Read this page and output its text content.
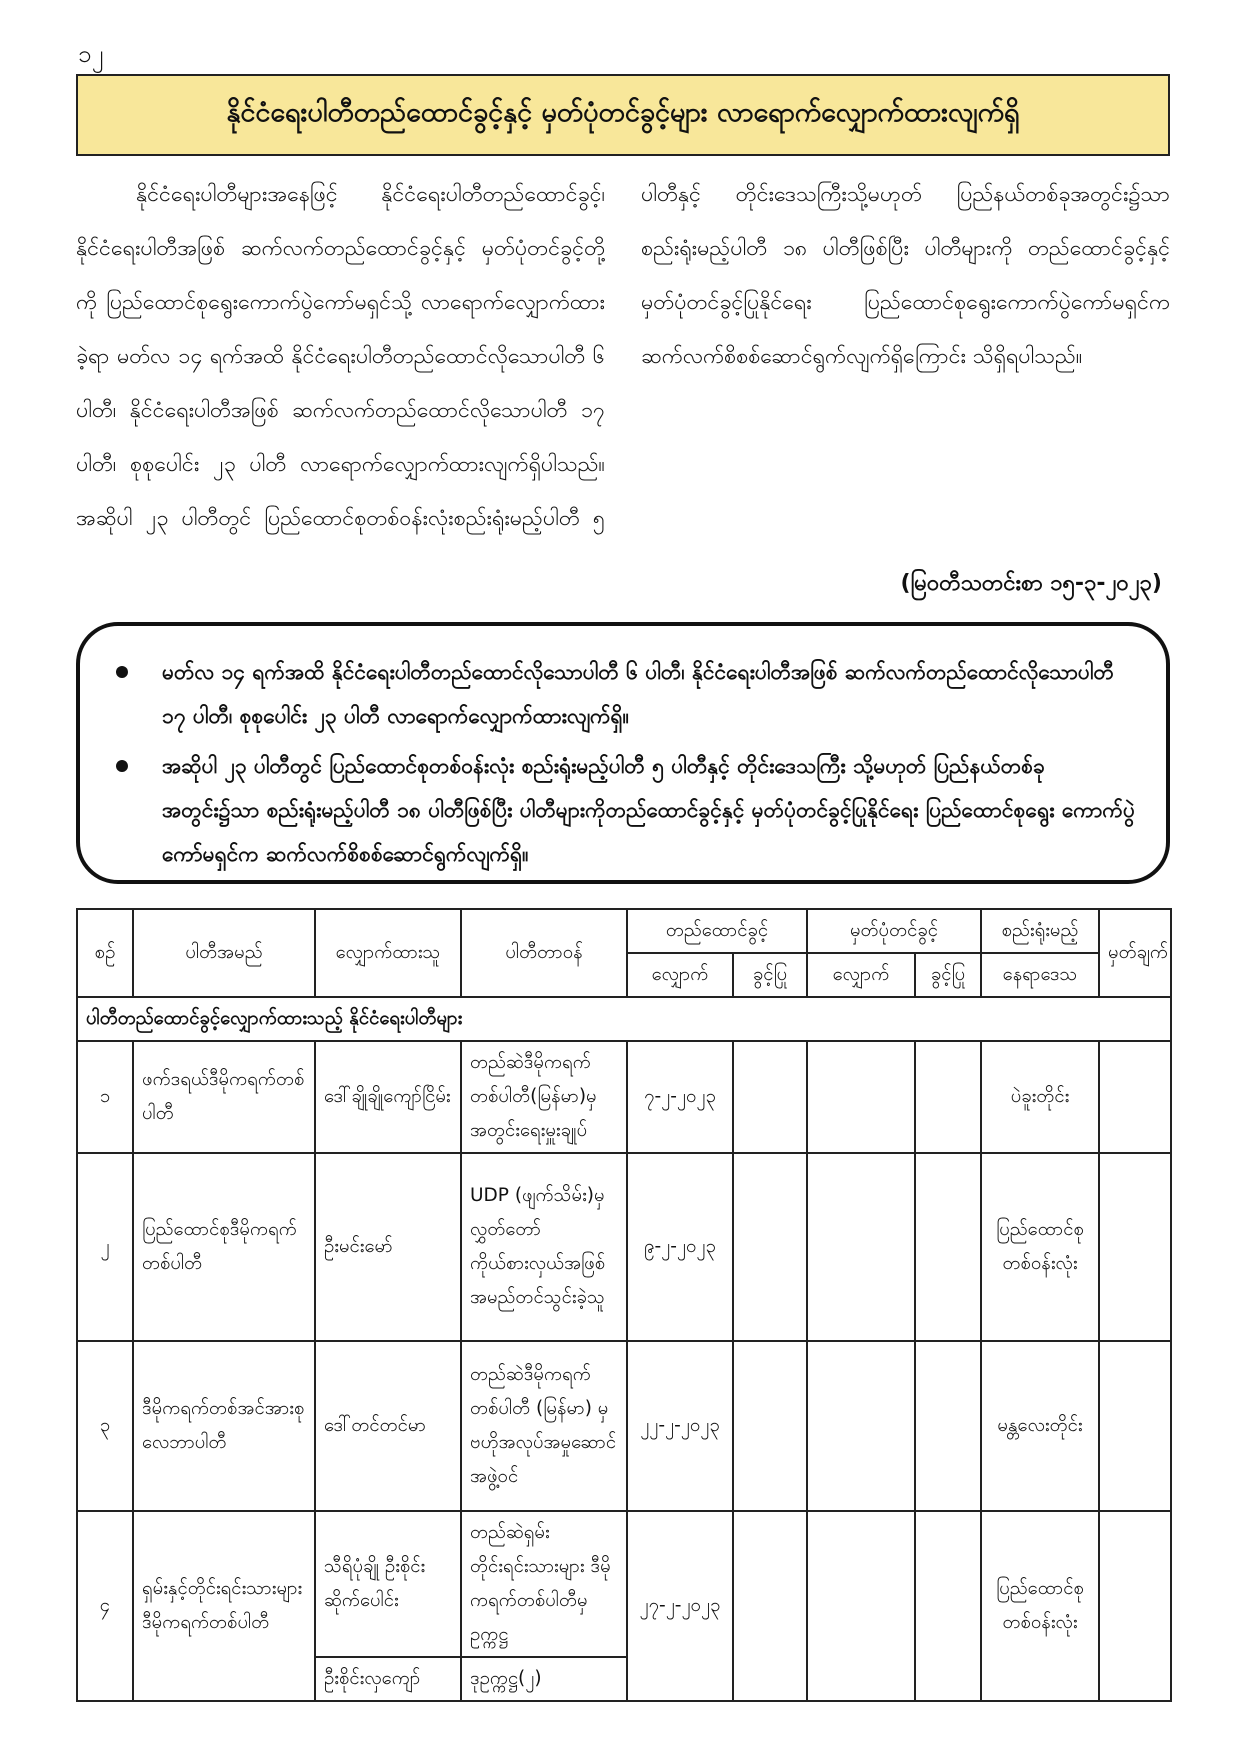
၁၂
နိုင်ငံရေးပါတီတည်ထောင်ခွင့်နှင့် မှတ်ပုံတင်ခွင့်များ လာရောက်လျှောက်ထားလျက်ရှိ

နိုင်ငံရေးပါတီများအနေဖြင့် နိုင်ငံရေးပါတီတည်ထောင်ခွင့်၊ နိုင်ငံရေးပါတီအဖြစ် ဆက်လက်တည်ထောင်ခွင့်နှင့် မှတ်ပုံတင်ခွင့်တို့ကို ပြည်ထောင်စုရွေးကောက်ပွဲကော်မရှင်သို့ လာရောက်လျှောက်ထားခဲ့ရာ မတ်လ ၁၄ ရက်အထိ နိုင်ငံရေးပါတီတည်ထောင်လိုသောပါတီ ၆ ပါတီ၊ နိုင်ငံရေးပါတီအဖြစ် ဆက်လက်တည်ထောင်လိုသောပါတီ ၁၇ ပါတီ၊ စုစုပေါင်း ၂၃ ပါတီ လာရောက်လျှောက်ထားလျက်ရှိပါသည်။ အဆိုပါ ၂၃ ပါတီတွင် ပြည်ထောင်စုတစ်ဝန်းလုံးစည်းရုံးမည့်ပါတီ ၅ ပါတီနှင့် တိုင်းဒေသကြီးသို့မဟုတ် ပြည်နယ်တစ်ခုအတွင်း၌သာ စည်းရုံးမည့်ပါတီ ၁၈ ပါတီဖြစ်ပြီး ပါတီများကို တည်ထောင်ခွင့်နှင့် မှတ်ပုံတင်ခွင့်ပြုနိုင်ရေး ပြည်ထောင်စုရွေးကောက်ပွဲကော်မရှင်က ဆက်လက်စိစစ်ဆောင်ရွက်လျက်ရှိကြောင်း သိရှိရပါသည်။

(မြဝတီသတင်းစာ ၁၅-၃-၂၀၂၃)
မတ်လ ၁၄ ရက်အထိ နိုင်ငံရေးပါတီတည်ထောင်လိုသောပါတီ ၆ ပါတီ၊ နိုင်ငံရေးပါတီအဖြစ် ဆက်လက်တည်ထောင်လိုသောပါတီ ၁၇ ပါတီ၊ စုစုပေါင်း ၂၃ ပါတီ လာရောက်လျှောက်ထားလျက်ရှိ။
အဆိုပါ ၂၃ ပါတီတွင် ပြည်ထောင်စုတစ်ဝန်းလုံး စည်းရုံးမည့်ပါတီ ၅ ပါတီနှင့် တိုင်းဒေသကြီး သို့မဟုတ် ပြည်နယ်တစ်ခုအတွင်း၌သာ စည်းရုံးမည့်ပါတီ ၁၈ ပါတီဖြစ်ပြီး ပါတီများကိုတည်ထောင်ခွင့်နှင့် မှတ်ပုံတင်ခွင့်ပြုနိုင်ရေး ပြည်ထောင်စုရွေး ကောက်ပွဲကော်မရှင်က ဆက်လက်စိစစ်ဆောင်ရွက်လျက်ရှိ။
စဉ်	ပါတီအမည်	လျှောက်ထားသူ	ပါတီတာဝန်	တည်ထောင်ခွင့်		မှတ်ပုံတင်ခွင့်		စည်းရုံးမည့်	မှတ်ချက်
				လျှောက်	ခွင့်ပြု	လျှောက်	ခွင့်ပြု	နေရာဒေသ	
ပါတီတည်ထောင်ခွင့်လျှောက်ထားသည့် နိုင်ငံရေးပါတီများ									
၁	ဖက်ဒရယ်ဒီမိုကရက်တစ်ပါတီ	ဒေါ်ချိုချိုကျော်ငြိမ်း	တည်ဆဲဒီမိုကရက်တစ်ပါတီ(မြန်မာ)မှ အတွင်းရေးမှူးချုပ်	၇-၂-၂၀၂၃				ပဲခူးတိုင်း	
၂	ပြည်ထောင်စုဒီမိုကရက်တစ်ပါတီ	ဦးမင်းမော်	UDP (ဖျက်သိမ်း)မှ လွှတ်တော်ကိုယ်စားလှယ်အဖြစ် အမည်တင်သွင်းခဲ့သူ	၉-၂-၂၀၂၃				ပြည်ထောင်စုတစ်ဝန်းလုံး	
၃	ဒီမိုကရက်တစ်အင်အားစု လေဘာပါတီ	ဒေါ်တင်တင်မာ	တည်ဆဲဒီမိုကရက်တစ်ပါတီ (မြန်မာ) မှ ဗဟိုအလုပ်အမှုဆောင်အဖွဲ့ဝင်	၂၂-၂-၂၀၂၃				မန္တလေးတိုင်း	
၄	ရှမ်းနှင့်တိုင်းရင်းသားများ ဒီမိုကရက်တစ်ပါတီ	သီရိပုံချို ဦးစိုင်းဆိုက်ပေါင်း	တည်ဆဲရှမ်းတိုင်းရင်းသားများ ဒီမိုကရက်တစ်ပါတီမှ ဥက္ကဋ္ဌ	၂၇-၂-၂၀၂၃				ပြည်ထောင်စုတစ်ဝန်းလုံး	
		ဦးစိုင်းလှကျော်	ဒုဥက္ကဋ္ဌ(၂)						
